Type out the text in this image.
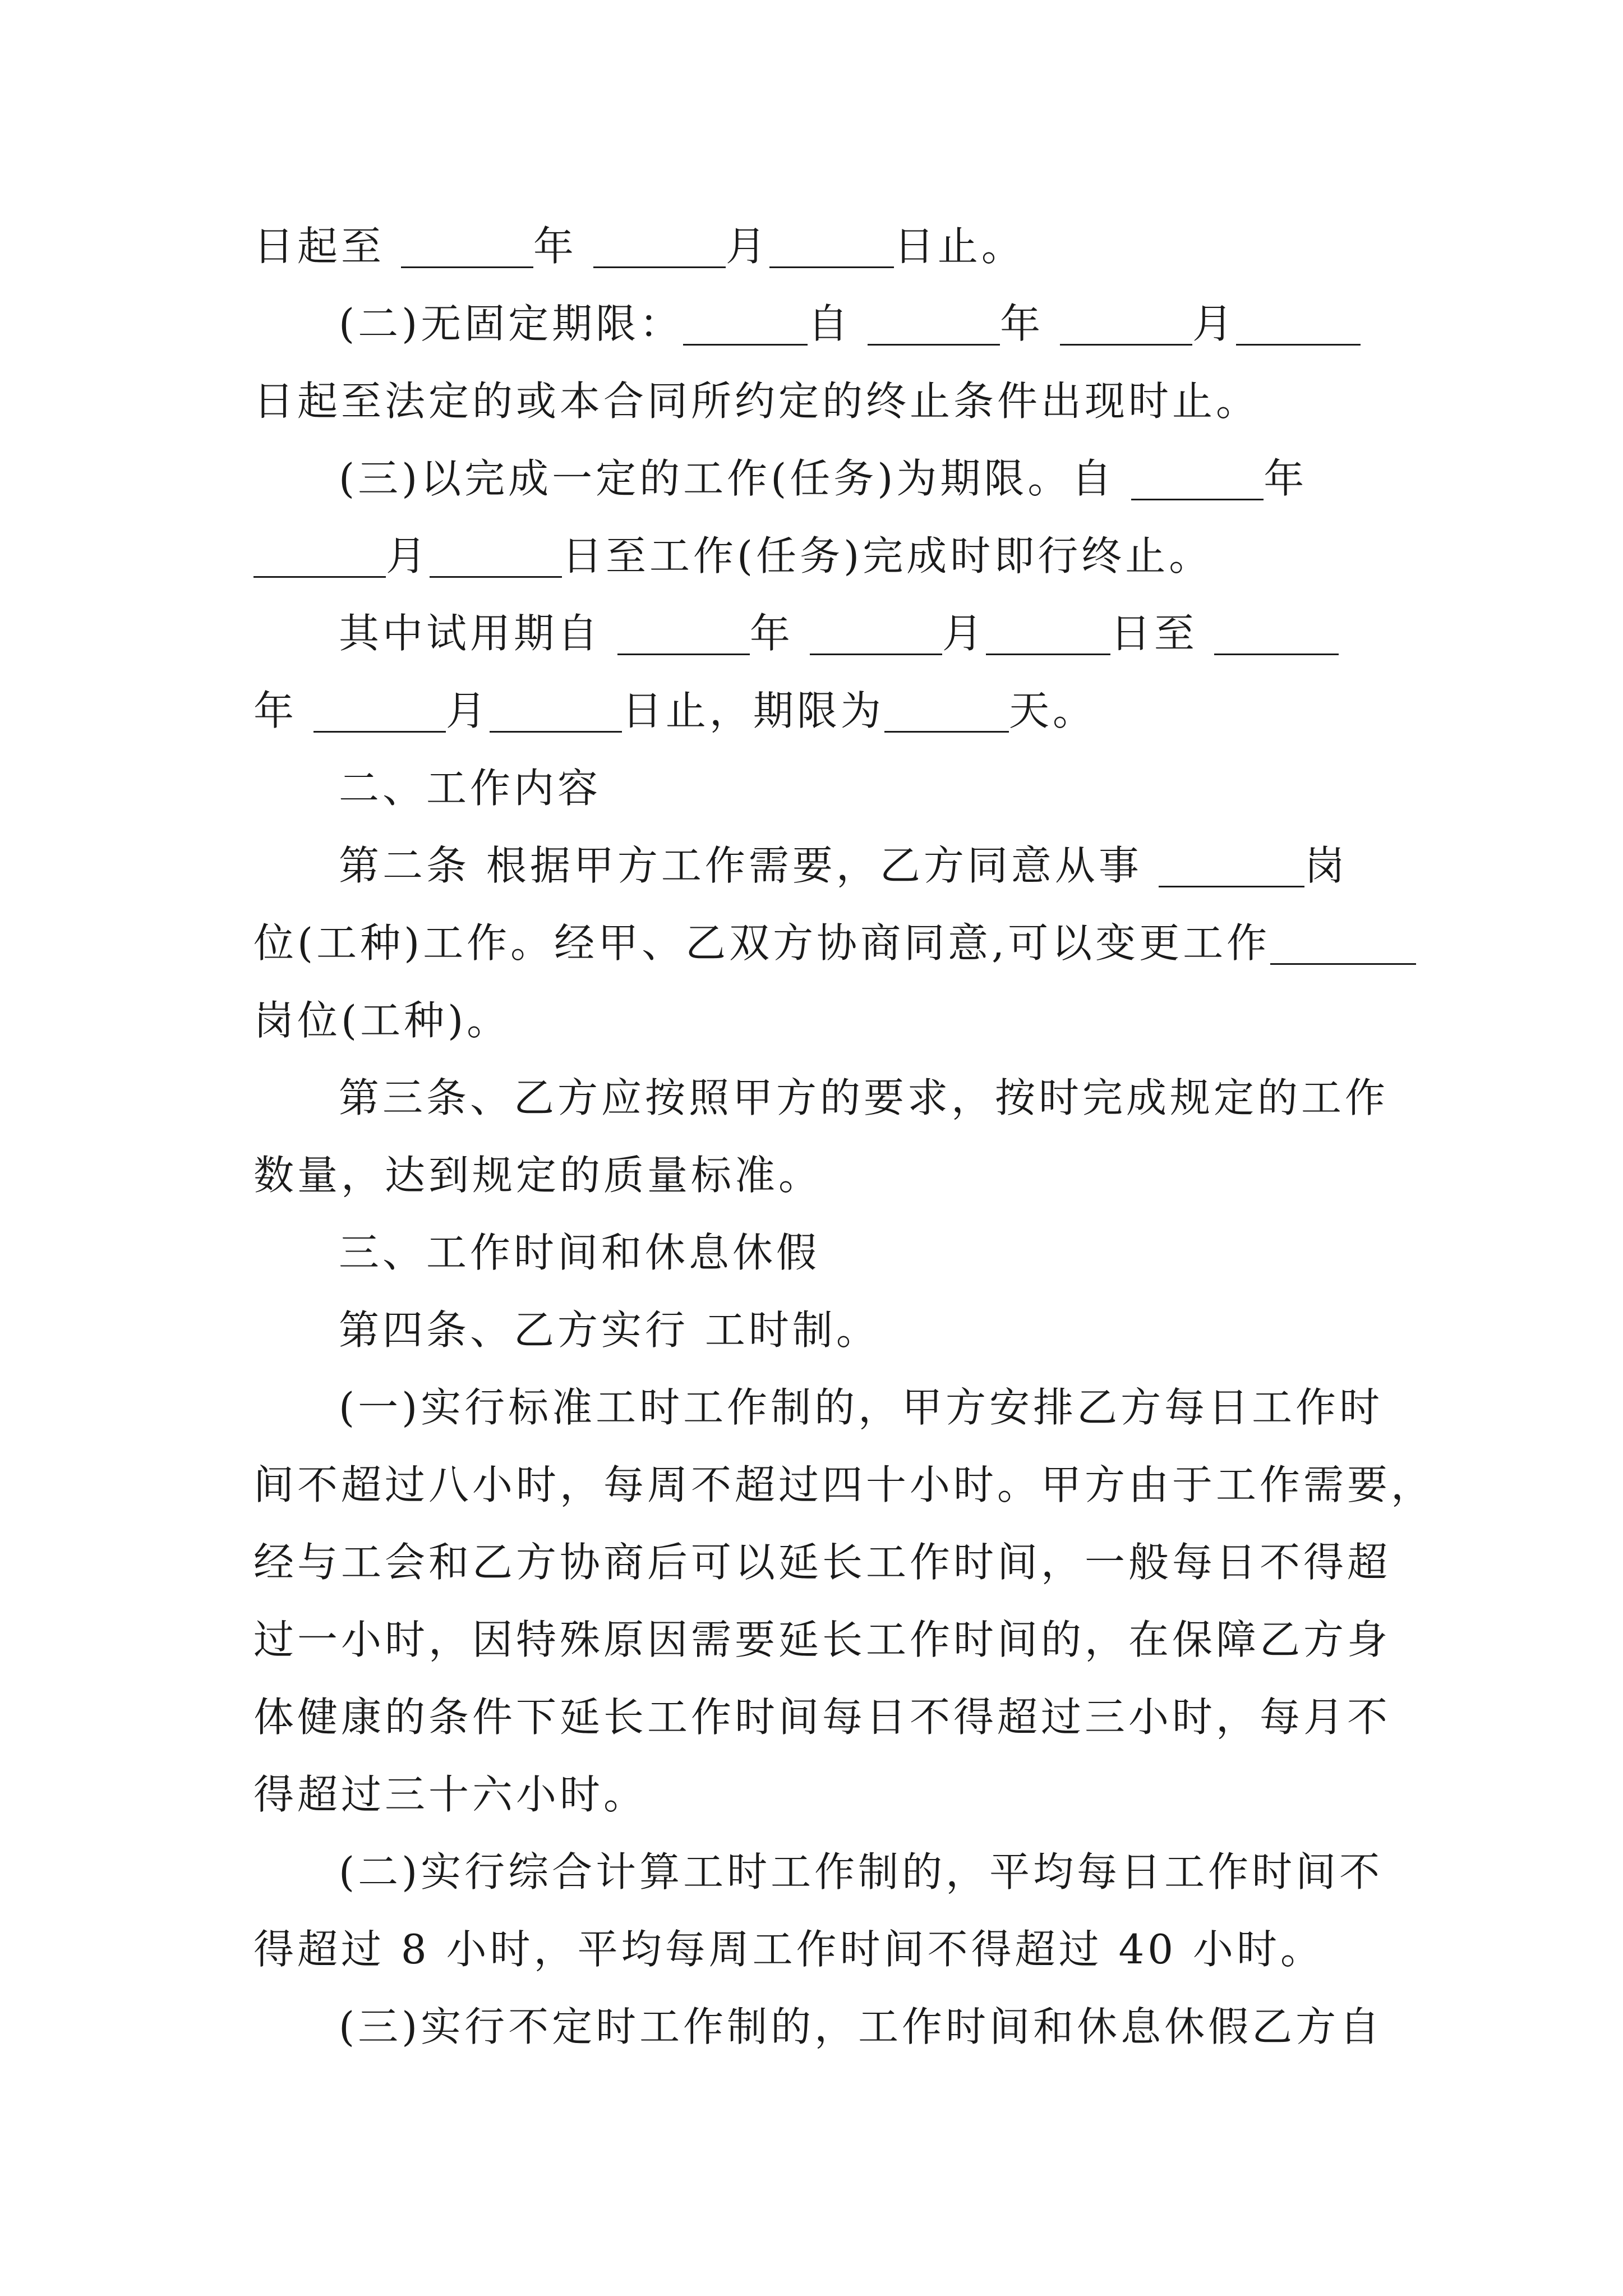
日起至	年	月	日止。
(二)无固定期限：	自	年	月
日起至法定的或本合同所约定的终止条件出现时止。
(三)以完成一定的工作(任务)为期限。自	年
月	日至工作(任务)完成时即行终止。
其中试用期自	年	月	日至
年	月	日止，期限为	天。
二、工作内容
第二条 根据甲方工作需要，乙方同意从事	岗
位(工种)工作。经甲、乙双方协商同意,可以变更工作
岗位(工种)。
第三条、乙方应按照甲方的要求，按时完成规定的工作
数量，达到规定的质量标准。
三、工作时间和休息休假
第四条、乙方实行 工时制。
(一)实行标准工时工作制的，甲方安排乙方每日工作时
间不超过八小时，每周不超过四十小时。甲方由于工作需要，
经与工会和乙方协商后可以延长工作时间，一般每日不得超
过一小时，因特殊原因需要延长工作时间的，在保障乙方身
体健康的条件下延长工作时间每日不得超过三小时，每月不
得超过三十六小时。
(二)实行综合计算工时工作制的，平均每日工作时间不
得超过 8 小时，平均每周工作时间不得超过 40 小时。
(三)实行不定时工作制的，工作时间和休息休假乙方自
